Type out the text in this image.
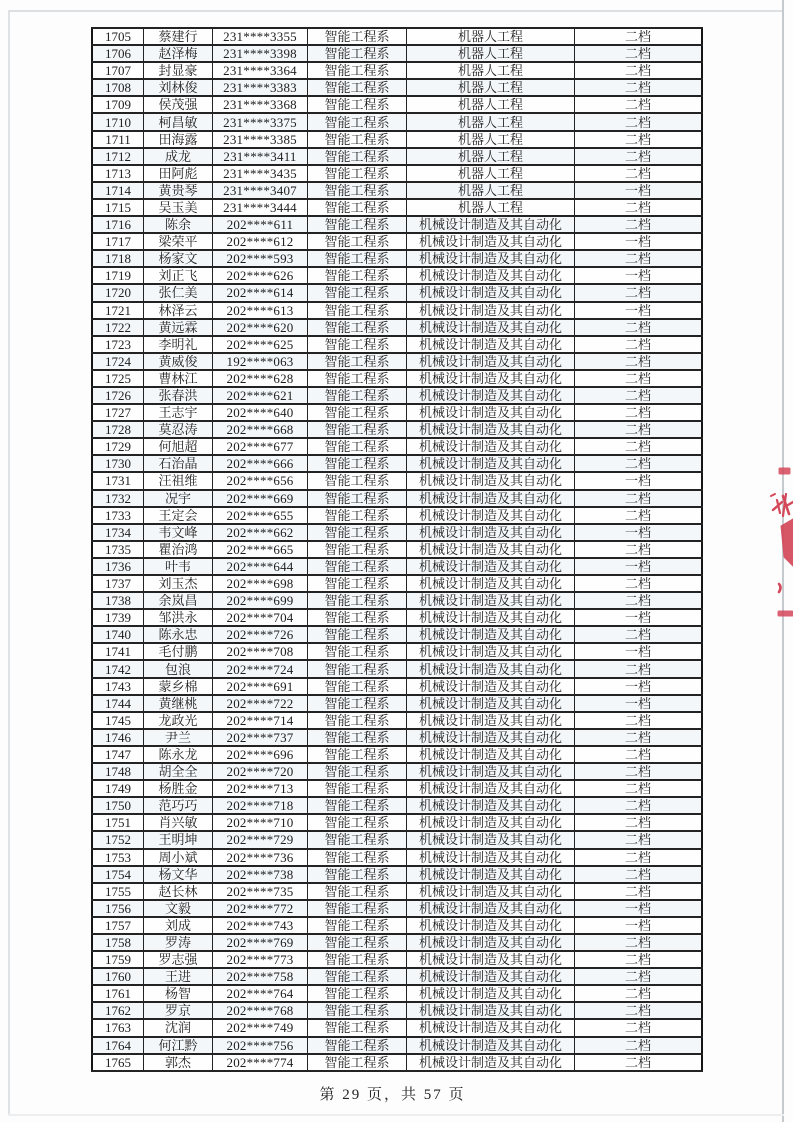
1705	蔡建行	231****3355	智能工程系	机器人工程	二档
1706	赵泽梅	231****3398	智能工程系	机器人工程	二档
1707	封显豪	231****3364	智能工程系	机器人工程	二档
1708	刘林俊	231****3383	智能工程系	机器人工程	二档
1709	侯茂强	231****3368	智能工程系	机器人工程	二档
1710	柯昌敏	231****3375	智能工程系	机器人工程	二档
1711	田海露	231****3385	智能工程系	机器人工程	二档
1712	成龙	231****3411	智能工程系	机器人工程	二档
1713	田阿彪	231****3435	智能工程系	机器人工程	二档
1714	黄贵琴	231****3407	智能工程系	机器人工程	一档
1715	吴玉美	231****3444	智能工程系	机器人工程	二档
1716	陈余	202****611	智能工程系	机械设计制造及其自动化	二档
1717	梁荣平	202****612	智能工程系	机械设计制造及其自动化	一档
1718	杨家文	202****593	智能工程系	机械设计制造及其自动化	二档
1719	刘正飞	202****626	智能工程系	机械设计制造及其自动化	一档
1720	张仁美	202****614	智能工程系	机械设计制造及其自动化	二档
1721	林泽云	202****613	智能工程系	机械设计制造及其自动化	一档
1722	黄远霖	202****620	智能工程系	机械设计制造及其自动化	二档
1723	李明礼	202****625	智能工程系	机械设计制造及其自动化	二档
1724	黄威俊	192****063	智能工程系	机械设计制造及其自动化	二档
1725	曹林江	202****628	智能工程系	机械设计制造及其自动化	二档
1726	张春洪	202****621	智能工程系	机械设计制造及其自动化	二档
1727	王志宇	202****640	智能工程系	机械设计制造及其自动化	二档
1728	莫忍涛	202****668	智能工程系	机械设计制造及其自动化	二档
1729	何旭超	202****677	智能工程系	机械设计制造及其自动化	二档
1730	石治晶	202****666	智能工程系	机械设计制造及其自动化	二档
1731	汪祖维	202****656	智能工程系	机械设计制造及其自动化	一档
1732	况宇	202****669	智能工程系	机械设计制造及其自动化	二档
1733	王定会	202****655	智能工程系	机械设计制造及其自动化	二档
1734	韦文峰	202****662	智能工程系	机械设计制造及其自动化	一档
1735	瞿治鸿	202****665	智能工程系	机械设计制造及其自动化	二档
1736	叶韦	202****644	智能工程系	机械设计制造及其自动化	一档
1737	刘玉杰	202****698	智能工程系	机械设计制造及其自动化	二档
1738	余岚昌	202****699	智能工程系	机械设计制造及其自动化	二档
1739	邹洪永	202****704	智能工程系	机械设计制造及其自动化	一档
1740	陈永忠	202****726	智能工程系	机械设计制造及其自动化	二档
1741	毛付鹏	202****708	智能工程系	机械设计制造及其自动化	一档
1742	包浪	202****724	智能工程系	机械设计制造及其自动化	二档
1743	蒙乡棉	202****691	智能工程系	机械设计制造及其自动化	一档
1744	黄继桃	202****722	智能工程系	机械设计制造及其自动化	一档
1745	龙政光	202****714	智能工程系	机械设计制造及其自动化	二档
1746	尹兰	202****737	智能工程系	机械设计制造及其自动化	二档
1747	陈永龙	202****696	智能工程系	机械设计制造及其自动化	二档
1748	胡全全	202****720	智能工程系	机械设计制造及其自动化	二档
1749	杨胜金	202****713	智能工程系	机械设计制造及其自动化	二档
1750	范巧巧	202****718	智能工程系	机械设计制造及其自动化	二档
1751	肖兴敏	202****710	智能工程系	机械设计制造及其自动化	二档
1752	王明坤	202****729	智能工程系	机械设计制造及其自动化	二档
1753	周小斌	202****736	智能工程系	机械设计制造及其自动化	二档
1754	杨文华	202****738	智能工程系	机械设计制造及其自动化	二档
1755	赵长林	202****735	智能工程系	机械设计制造及其自动化	二档
1756	文毅	202****772	智能工程系	机械设计制造及其自动化	一档
1757	刘成	202****743	智能工程系	机械设计制造及其自动化	一档
1758	罗涛	202****769	智能工程系	机械设计制造及其自动化	二档
1759	罗志强	202****773	智能工程系	机械设计制造及其自动化	二档
1760	王进	202****758	智能工程系	机械设计制造及其自动化	二档
1761	杨智	202****764	智能工程系	机械设计制造及其自动化	二档
1762	罗京	202****768	智能工程系	机械设计制造及其自动化	二档
1763	沈润	202****749	智能工程系	机械设计制造及其自动化	二档
1764	何江黔	202****756	智能工程系	机械设计制造及其自动化	二档
1765	郭杰	202****774	智能工程系	机械设计制造及其自动化	二档
第 29 页，共 57 页
